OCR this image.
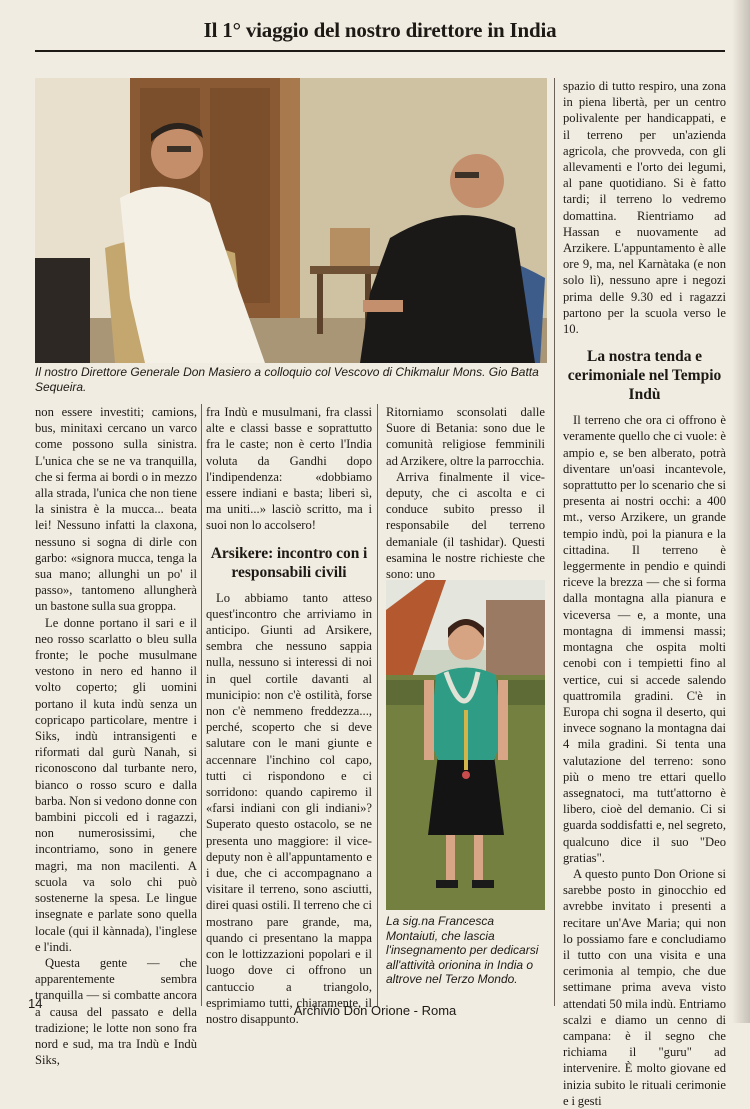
Il 1° viaggio del nostro direttore in India
Il nostro Direttore Generale Don Masiero a colloquio col Vescovo di Chikmalur Mons. Gio Batta Sequeira.
La sig.na Francesca Montaiuti, che lascia l'insegnamento per dedicarsi all'attività orionina in India o altrove nel Terzo Mondo.

non essere investiti; camions, bus, minitaxi cercano un varco come possono sulla sinistra. L'unica che se ne va tranquilla, che si ferma ai bordi o in mezzo alla strada, l'unica che non tiene la sinistra è la mucca... beata lei! Nessuno infatti la claxona, nessuno si sogna di dirle con garbo: «signora mucca, tenga la sua mano; allunghi un po' il passo», tantomeno allungherà un bastone sulla sua groppa.

Le donne portano il sari e il neo rosso scarlatto o bleu sulla fronte; le poche musulmane vestono in nero ed hanno il volto coperto; gli uomini portano il kuta indù senza un copricapo particolare, mentre i Siks, indù intransigenti e riformati dal gurù Nanah, si riconoscono dal turbante nero, bianco o rosso scuro e dalla barba. Non si vedono donne con bambini piccoli ed i ragazzi, non numerosissimi, che incontriamo, sono in genere magri, ma non macilenti. A scuola va solo chi può sostenerne la spesa. Le lingue insegnate e parlate sono quella locale (qui il kànnada), l'inglese e l'indi.

Questa gente — che apparentemente sembra tranquilla — si combatte ancora a causa del passato e della tradizione; le lotte non sono fra nord e sud, ma tra Indù e Indù Siks,

fra Indù e musulmani, fra classi alte e classi basse e soprattutto fra le caste; non è certo l'India voluta da Gandhi dopo l'indipendenza: «dobbiamo essere indiani e basta; liberi sì, ma uniti...» lasciò scritto, ma i suoi non lo accolsero!

Arsikere: incontro con i responsabili civili

Lo abbiamo tanto atteso quest'incontro che arriviamo in anticipo. Giunti ad Arsikere, sembra che nessuno sappia nulla, nessuno si interessi di noi in quel cortile davanti al municipio: non c'è ostilità, forse non c'è nemmeno freddezza..., perché, scoperto che si deve salutare con le mani giunte e accennare l'inchino col capo, tutti ci rispondono e ci sorridono: quando capiremo il «farsi indiani con gli indiani»? Superato questo ostacolo, se ne presenta uno maggiore: il vice-deputy non è all'appuntamento e i due, che ci accompagnano a visitare il terreno, sono asciutti, direi quasi ostili. Il terreno che ci mostrano pare grande, ma, quando ci presentano la mappa con le lottizzazioni popolari e il luogo dove ci offrono un cantuccio a triangolo, esprimiamo tutti, chiaramente, il nostro disappunto.

Ritorniamo sconsolati dalle Suore di Betania: sono due le comunità religiose femminili ad Arzikere, oltre la parrocchia.

Arriva finalmente il vice-deputy, che ci ascolta e ci conduce subito presso il responsabile del terreno demaniale (il tashidar). Questi esamina le nostre richieste che sono: uno

spazio di tutto respiro, una zona in piena libertà, per un centro polivalente per handicappati, e il terreno per un'azienda agricola, che provveda, con gli allevamenti e l'orto dei legumi, al pane quotidiano. Si è fatto tardi; il terreno lo vedremo domattina. Rientriamo ad Hassan e nuovamente ad Arzikere. L'appuntamento è alle ore 9, ma, nel Karnàtaka (e non solo lì), nessuno apre i negozi prima delle 9.30 ed i ragazzi partono per la scuola verso le 10.

La nostra tenda e cerimoniale nel Tempio Indù

Il terreno che ora ci offrono è veramente quello che ci vuole: è ampio e, se ben alberato, potrà diventare un'oasi incantevole, soprattutto per lo scenario che si presenta ai nostri occhi: a 400 mt., verso Arzikere, un grande tempio indù, poi la pianura e la cittadina. Il terreno è leggermente in pendio e quindi riceve la brezza — che si forma dalla montagna alla pianura e viceversa — e, a monte, una montagna di immensi massi; montagna che ospita molti cenobi con i tempietti fino al vertice, cui si accede salendo quattromila gradini. C'è in Europa chi sogna il deserto, qui invece sognano la montagna dai 4 mila gradini. Si tenta una valutazione del terreno: sono più o meno tre ettari quello assegnatoci, ma tutt'attorno è libero, cioè del demanio. Ci si guarda soddisfatti e, nel segreto, qualcuno dice il suo "Deo gratias".

A questo punto Don Orione si sarebbe posto in ginocchio ed avrebbe invitato i presenti a recitare un'Ave Maria; qui non lo possiamo fare e concludiamo il tutto con una visita e una cerimonia al tempio, che due settimane prima aveva visto attendati 50 mila indù. Entriamo scalzi e diamo un cenno di campana: è il segno che richiama il "guru" ad intervenire. È molto giovane ed inizia subito le rituali cerimonie e i gesti

14	Archivio Don Orione - Roma
